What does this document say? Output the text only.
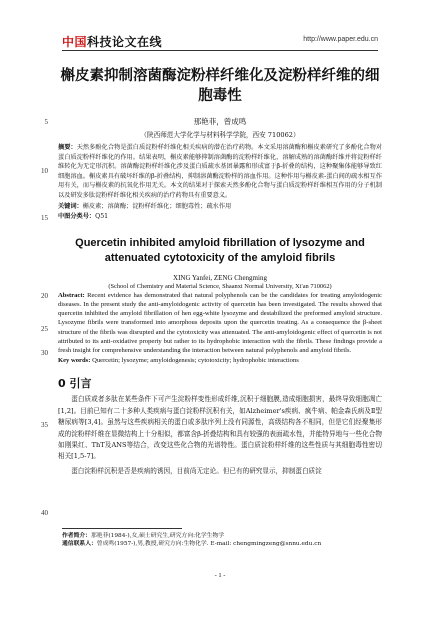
中国科技论文在线	http://www.paper.edu.cn
5
10
15
20
25
30
35
40
槲皮素抑制溶菌酶淀粉样纤维化及淀粉样纤维的细胞毒性
那艳菲，曾成鸣
（陕西师范大学化学与材料科学学院，西安 710062）
摘要：天然多酚化合物是蛋白质淀粉样纤维化相关疾病的潜在治疗药物。本文采用溶菌酶和槲皮素研究了多酚化合物对蛋白质淀粉样纤维化的作用。结果表明，槲皮素能够抑制溶菌酶的淀粉样纤维化，溶解成熟的溶菌酶纤维并将淀粉样纤维转化为无定形沉积。溶菌酶淀粉样纤维化涉及蛋白质疏水基团暴露和形成富于β-折叠的结构，这种聚集体能够导致红细胞溶血。槲皮素具有破坏纤维的β-折叠结构，抑制溶菌酶淀粉样的溶血作用。这种作用与槲皮素-蛋白间的疏水相互作用有关，而与槲皮素的抗氧化作用无关。本文的结果对于探索天然多酚化合物与蛋白质淀粉样纤维相互作用的分子机制以及研发多肽淀粉样纤维化相关疾病的治疗药物具有重要意义。
关键词：槲皮素；溶菌酶；淀粉样纤维化；细胞毒性；疏水作用
中图分类号：Q51
Quercetin inhibited amyloid fibrillation of lysozyme and attenuated cytotoxicity of the amyloid fibrils
XING Yanfei, ZENG Chengming
(School of Chemistry and Material Science, Shaanxi Normal University, Xi'an 710062)
Abstract: Recent evidence has demonstrated that natural polyphenols can be the candidates for treating amyloidogenic diseases. In the present study the anti-amyloidogenic activity of quercetin has been investigated. The results showed that quercetin inhibited the amyloid fibrillation of hen egg-white lysozyme and destabilized the preformed amyloid structure. Lysozyme fibrils were transformed into amorphous deposits upon the quercetin treating. As a consequence the β-sheet structure of the fibrils was disrupted and the cytotoxicity was attenuated. The anti-amyloidogenic effect of quercetin is not attributed to its anti-oxidative property but rather to its hydrophobic interaction with the fibrils. These findings provide a fresh insight for comprehensive understanding the interaction between natural polyphenols and amyloid fibrils.
Key words: Quercetin; lysozyme; amyloidogenesis; cytotoxicity; hydrophobic interactions
0 引言
蛋白质或者多肽在某些条件下可产生淀粉样变性形成纤维,沉积于细胞膜,造成细胞损害，最终导致细胞凋亡[1,2]。目前已知有二十多种人类疾病与蛋白淀粉样沉积有关，如Alzheimer's疾病、疯牛病、帕金森氏病及Ⅱ型糖尿病等[3,4]。虽然与这些疾病相关的蛋白或多肽序列上没有同源性，高级结构各不相同，但是它们经聚集形成的淀粉样纤维在显微结构上十分相似，都富含β-折叠结构和具有较强的表面疏水性，并能特异地与一些化合物如刚果红、ThT及ANS等结合，改变这些化合物的光谱特性。蛋白质淀粉样纤维的这些性质与其细胞毒性密切相关[1,5-7]。
蛋白淀粉样沉积是否是疾病的诱因，目前尚无定论。但已有的研究显示，抑制蛋白质淀
作者简介：那艳菲(1984-),女,硕士研究生,研究方向:化学生物学
通信联系人：曾成鸣(1957-),男,教授,研究方向:生物化学. E-mail: chengmingzeng@snnu.edu.cn
- 1 -
